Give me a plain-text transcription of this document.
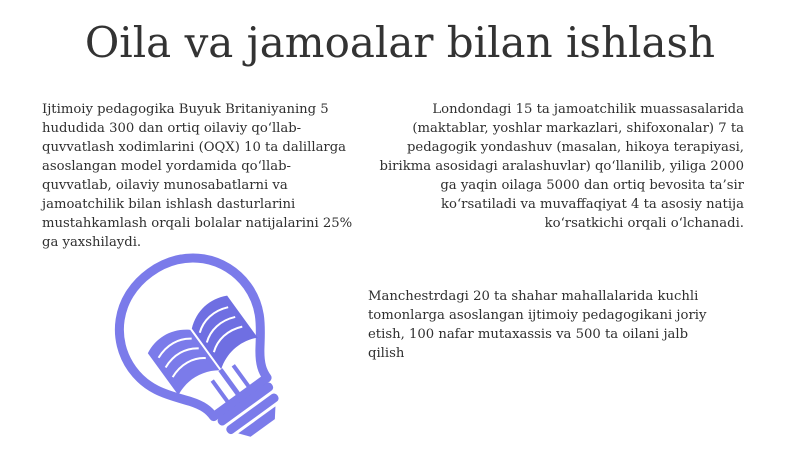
Oila va jamoalar bilan ishlash

Ijtimoiy pedagogika Buyuk Britaniyaning 5 hududida 300 dan ortiq oilaviy qo‘llab-quvvatlash xodimlarini (OQX) 10 ta dalillarga asoslangan model yordamida qo‘llab-quvvatlab, oilaviy munosabatlarni va jamoatchilik bilan ishlash dasturlarini mustahkamlash orqali bolalar natijalarini 25% ga yaxshilaydi.

Londondagi 15 ta jamoatchilik muassasalarida (maktablar, yoshlar markazlari, shifoxonalar) 7 ta pedagogik yondashuv (masalan, hikoya terapiyasi, birikma asosidagi aralashuvlar) qo‘llanilib, yiliga 2000 ga yaqin oilaga 5000 dan ortiq bevosita ta’sir ko‘rsatiladi va muvaffaqiyat 4 ta asosiy natija ko‘rsatkichi orqali o‘lchanadi.

Manchestrdagi 20 ta shahar mahallalarida kuchli tomonlarga asoslangan ijtimoiy pedagogikani joriy etish, 100 nafar mutaxassis va 500 ta oilani jalb qilish
